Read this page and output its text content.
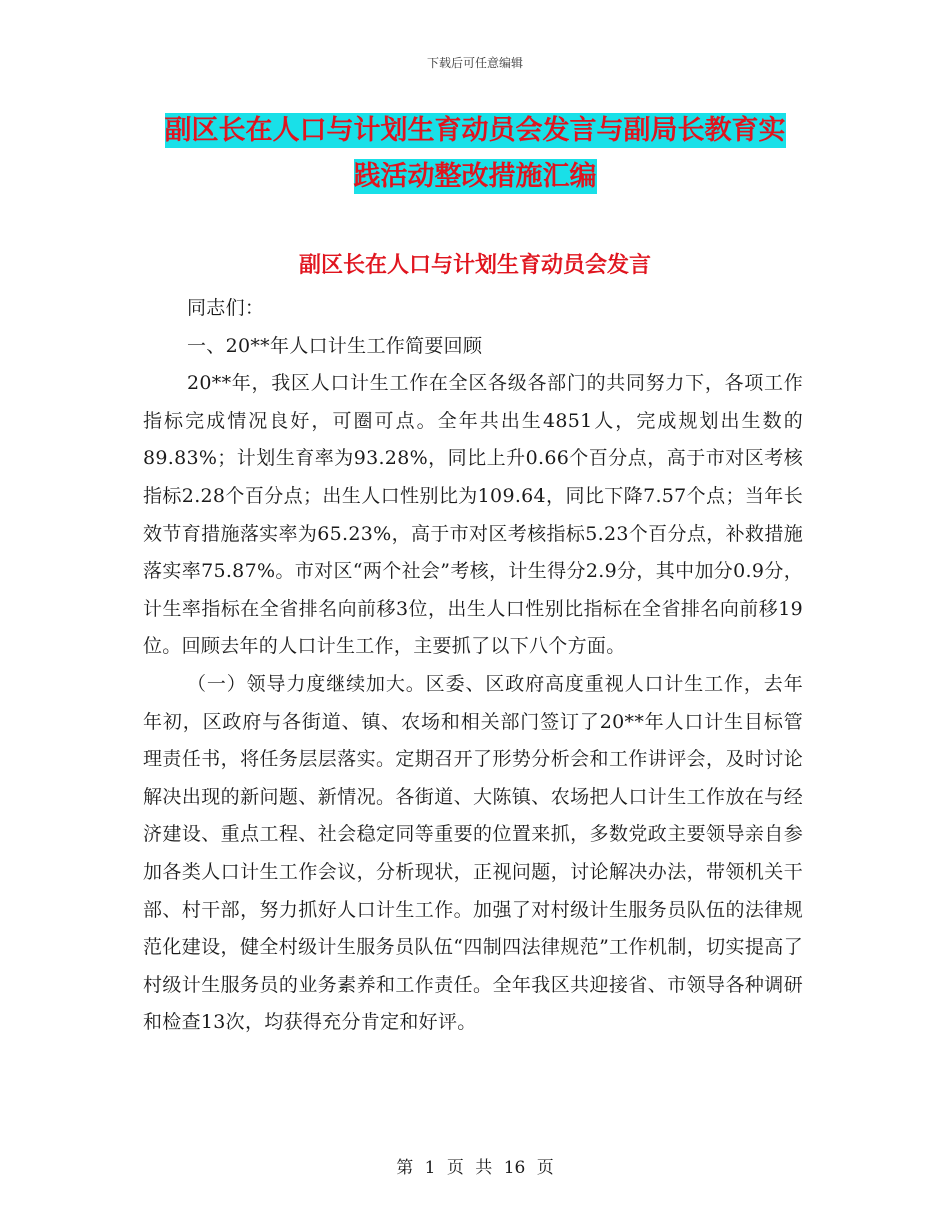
下载后可任意编辑
副区长在人口与计划生育动员会发言与副局长教育实
践活动整改措施汇编
副区长在人口与计划生育动员会发言

同志们：

一、20**年人口计生工作简要回顾

20**年，我区人口计生工作在全区各级各部门的共同努力下，各项工作指标完成情况良好，可圈可点。全年共出生4851人，完成规划出生数的89.83%；计划生育率为93.28%，同比上升0.66个百分点，高于市对区考核指标2.28个百分点；出生人口性别比为109.64，同比下降7.57个点；当年长效节育措施落实率为65.23%，高于市对区考核指标5.23个百分点，补救措施落实率75.87%。市对区“两个社会”考核，计生得分2.9分，其中加分0.9分，计生率指标在全省排名向前移3位，出生人口性别比指标在全省排名向前移19位。回顾去年的人口计生工作，主要抓了以下八个方面。

（一）领导力度继续加大。区委、区政府高度重视人口计生工作，去年年初，区政府与各街道、镇、农场和相关部门签订了20**年人口计生目标管理责任书，将任务层层落实。定期召开了形势分析会和工作讲评会，及时讨论解决出现的新问题、新情况。各街道、大陈镇、农场把人口计生工作放在与经济建设、重点工程、社会稳定同等重要的位置来抓，多数党政主要领导亲自参加各类人口计生工作会议，分析现状，正视问题，讨论解决办法，带领机关干部、村干部，努力抓好人口计生工作。加强了对村级计生服务员队伍的法律规范化建设，健全村级计生服务员队伍“四制四法律规范”工作机制，切实提高了村级计生服务员的业务素养和工作责任。全年我区共迎接省、市领导各种调研和检查13次，均获得充分肯定和好评。

第 1 页 共 16 页
